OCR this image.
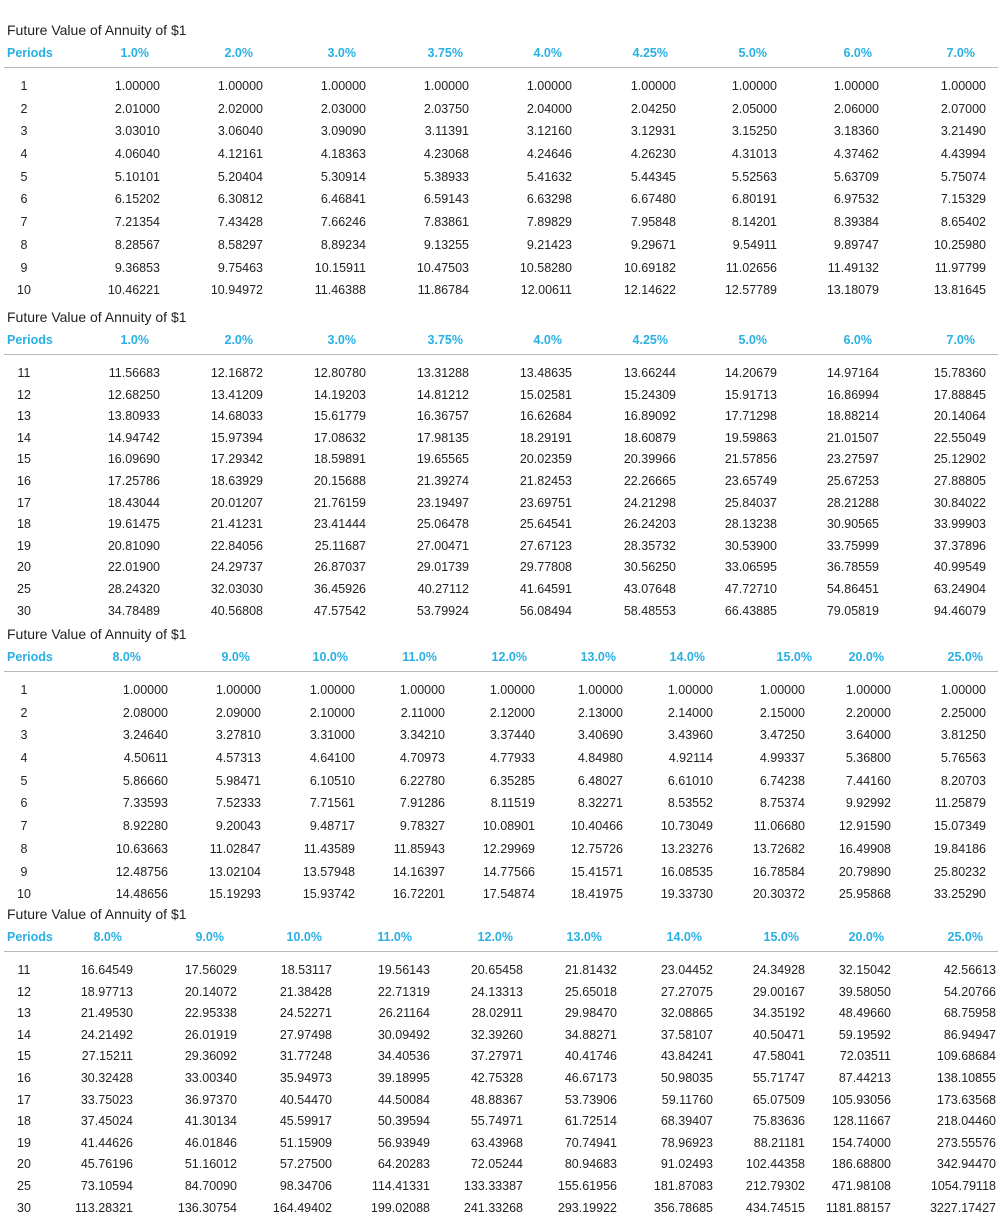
Future Value of Annuity of $1
Periods	1.0%	2.0%	3.0%	3.75%	4.0%	4.25%	5.0%	6.0%	7.0%
1	1.00000	1.00000	1.00000	1.00000	1.00000	1.00000	1.00000	1.00000	1.00000
2	2.01000	2.02000	2.03000	2.03750	2.04000	2.04250	2.05000	2.06000	2.07000
3	3.03010	3.06040	3.09090	3.11391	3.12160	3.12931	3.15250	3.18360	3.21490
4	4.06040	4.12161	4.18363	4.23068	4.24646	4.26230	4.31013	4.37462	4.43994
5	5.10101	5.20404	5.30914	5.38933	5.41632	5.44345	5.52563	5.63709	5.75074
6	6.15202	6.30812	6.46841	6.59143	6.63298	6.67480	6.80191	6.97532	7.15329
7	7.21354	7.43428	7.66246	7.83861	7.89829	7.95848	8.14201	8.39384	8.65402
8	8.28567	8.58297	8.89234	9.13255	9.21423	9.29671	9.54911	9.89747	10.25980
9	9.36853	9.75463	10.15911	10.47503	10.58280	10.69182	11.02656	11.49132	11.97799
10	10.46221	10.94972	11.46388	11.86784	12.00611	12.14622	12.57789	13.18079	13.81645
Future Value of Annuity of $1
Periods	1.0%	2.0%	3.0%	3.75%	4.0%	4.25%	5.0%	6.0%	7.0%
11	11.56683	12.16872	12.80780	13.31288	13.48635	13.66244	14.20679	14.97164	15.78360
12	12.68250	13.41209	14.19203	14.81212	15.02581	15.24309	15.91713	16.86994	17.88845
13	13.80933	14.68033	15.61779	16.36757	16.62684	16.89092	17.71298	18.88214	20.14064
14	14.94742	15.97394	17.08632	17.98135	18.29191	18.60879	19.59863	21.01507	22.55049
15	16.09690	17.29342	18.59891	19.65565	20.02359	20.39966	21.57856	23.27597	25.12902
16	17.25786	18.63929	20.15688	21.39274	21.82453	22.26665	23.65749	25.67253	27.88805
17	18.43044	20.01207	21.76159	23.19497	23.69751	24.21298	25.84037	28.21288	30.84022
18	19.61475	21.41231	23.41444	25.06478	25.64541	26.24203	28.13238	30.90565	33.99903
19	20.81090	22.84056	25.11687	27.00471	27.67123	28.35732	30.53900	33.75999	37.37896
20	22.01900	24.29737	26.87037	29.01739	29.77808	30.56250	33.06595	36.78559	40.99549
25	28.24320	32.03030	36.45926	40.27112	41.64591	43.07648	47.72710	54.86451	63.24904
30	34.78489	40.56808	47.57542	53.79924	56.08494	58.48553	66.43885	79.05819	94.46079
Future Value of Annuity of $1
Periods	8.0%	9.0%	10.0%	11.0%	12.0%	13.0%	14.0%	15.0%	20.0%	25.0%
1	1.00000	1.00000	1.00000	1.00000	1.00000	1.00000	1.00000	1.00000	1.00000	1.00000
2	2.08000	2.09000	2.10000	2.11000	2.12000	2.13000	2.14000	2.15000	2.20000	2.25000
3	3.24640	3.27810	3.31000	3.34210	3.37440	3.40690	3.43960	3.47250	3.64000	3.81250
4	4.50611	4.57313	4.64100	4.70973	4.77933	4.84980	4.92114	4.99337	5.36800	5.76563
5	5.86660	5.98471	6.10510	6.22780	6.35285	6.48027	6.61010	6.74238	7.44160	8.20703
6	7.33593	7.52333	7.71561	7.91286	8.11519	8.32271	8.53552	8.75374	9.92992	11.25879
7	8.92280	9.20043	9.48717	9.78327	10.08901	10.40466	10.73049	11.06680	12.91590	15.07349
8	10.63663	11.02847	11.43589	11.85943	12.29969	12.75726	13.23276	13.72682	16.49908	19.84186
9	12.48756	13.02104	13.57948	14.16397	14.77566	15.41571	16.08535	16.78584	20.79890	25.80232
10	14.48656	15.19293	15.93742	16.72201	17.54874	18.41975	19.33730	20.30372	25.95868	33.25290
Future Value of Annuity of $1
Periods	8.0%	9.0%	10.0%	11.0%	12.0%	13.0%	14.0%	15.0%	20.0%	25.0%
11	16.64549	17.56029	18.53117	19.56143	20.65458	21.81432	23.04452	24.34928	32.15042	42.56613
12	18.97713	20.14072	21.38428	22.71319	24.13313	25.65018	27.27075	29.00167	39.58050	54.20766
13	21.49530	22.95338	24.52271	26.21164	28.02911	29.98470	32.08865	34.35192	48.49660	68.75958
14	24.21492	26.01919	27.97498	30.09492	32.39260	34.88271	37.58107	40.50471	59.19592	86.94947
15	27.15211	29.36092	31.77248	34.40536	37.27971	40.41746	43.84241	47.58041	72.03511	109.68684
16	30.32428	33.00340	35.94973	39.18995	42.75328	46.67173	50.98035	55.71747	87.44213	138.10855
17	33.75023	36.97370	40.54470	44.50084	48.88367	53.73906	59.11760	65.07509 105.93056	173.63568
18	37.45024	41.30134	45.59917	50.39594	55.74971	61.72514	68.39407	75.83636 128.11667	218.04460
19	41.44626	46.01846	51.15909	56.93949	63.43968	70.74941	78.96923	88.21181 154.74000	273.55576
20	45.76196	51.16012	57.27500	64.20283	72.05244	80.94683	91.02493	102.44358 186.68800	342.94470
25	73.10594	84.70090	98.34706	114.41331	133.33387	155.61956	181.87083	212.79302 471.98108	1054.79118
30	113.28321	136.30754	164.49402	199.02088	241.33268	293.19922	356.78685	434.74515 1181.88157	3227.17427
